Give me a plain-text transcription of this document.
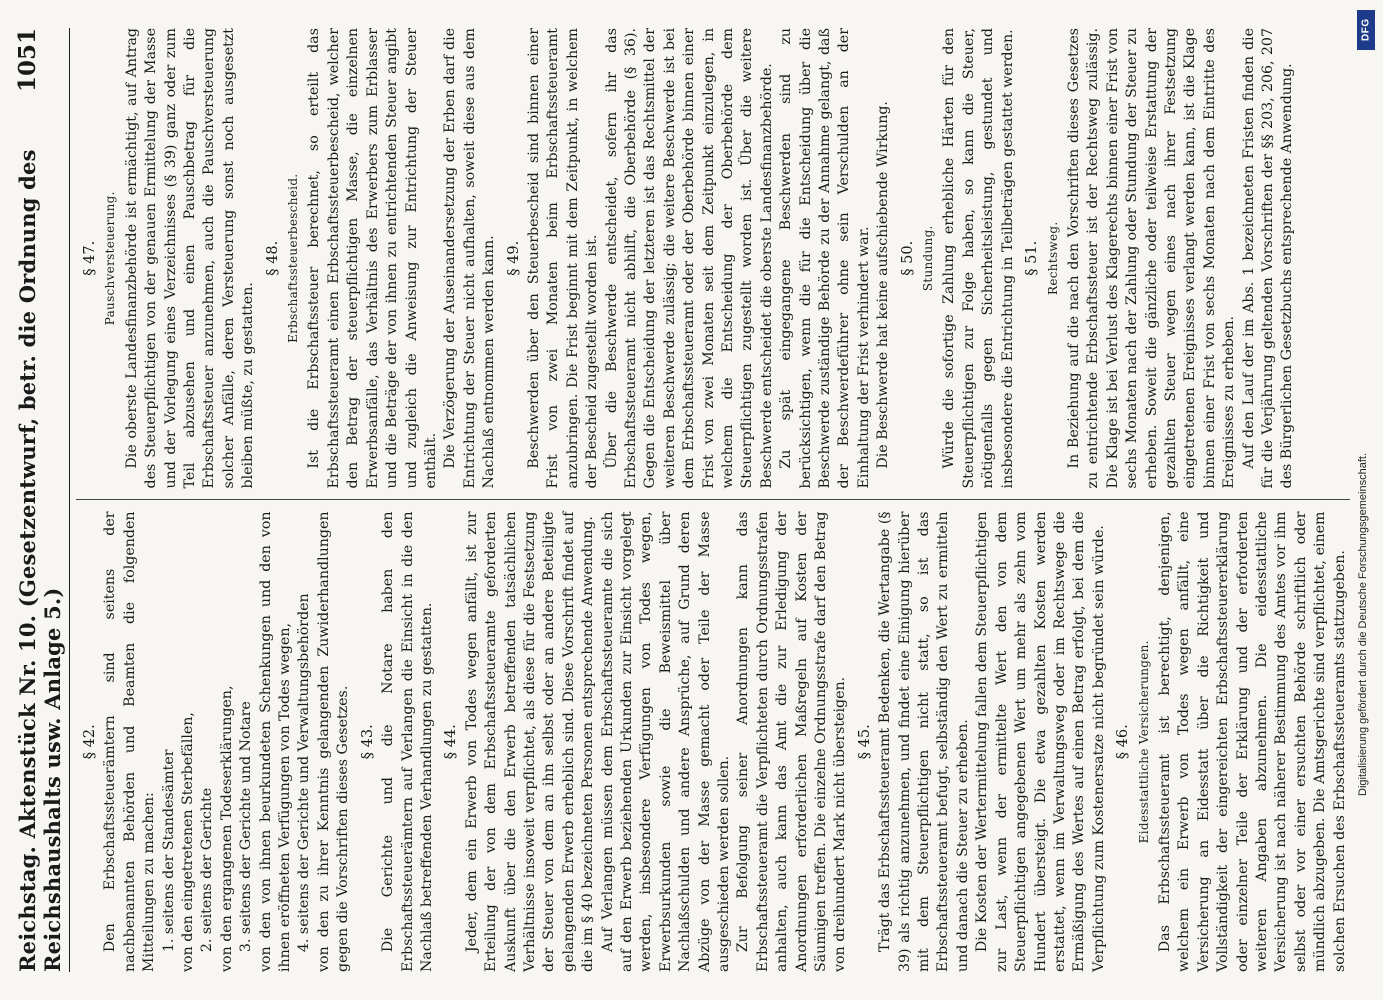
Reichstag. Aktenstück Nr. 10. (Gesetzentwurf, betr. die Ordnung des Reichshaushalts usw. Anlage 5.)
1051
§ 42. Den Erbschaftssteuerämtern sind seitens der nachbenannten Behörden und Beamten die folgenden Mitteilungen zu machen: 1. seitens der Standesämter von den eingetretenen Sterbefällen, 2. seitens der Gerichte von den ergangenen Todeserklärungen, 3. seitens der Gerichte und Notare von den von ihnen beurkundeten Schenkungen und den von ihnen eröffneten Verfügungen von Todes wegen, 4. seitens der Gerichte und Verwaltungsbehörden von den zu ihrer Kenntnis gelangenden Zuwiderhandlungen gegen die Vorschriften dieses Gesetzes. § 43. Die Gerichte und die Notare haben den Erbschaftssteuerämtern auf Verlangen die Einsicht in die den Nachlaß betreffenden Verhandlungen zu gestatten. § 44. Jeder, dem ein Erwerb von Todes wegen anfällt, ist zur Erteilung der von dem Erbschaftssteueramte geforderten Auskunft über die den Erwerb betreffenden tatsächlichen Verhältnisse insoweit verpflichtet, als diese für die Festsetzung der Steuer von dem an ihn selbst oder an andere Beteiligte gelangenden Erwerb erheblich sind. Diese Vorschrift findet auf die im § 40 bezeichneten Personen entsprechende Anwendung. Auf Verlangen müssen dem Erbschaftssteueramte die sich auf den Erwerb beziehenden Urkunden zur Einsicht vorgelegt werden, insbesondere Verfügungen von Todes wegen, Erwerbsurkunden sowie die Beweismittel über Nachlaßschulden und andere Ansprüche, auf Grund deren Abzüge von der Masse gemacht oder Teile der Masse ausgeschieden werden sollen. Zur Befolgung seiner Anordnungen kann das Erbschaftssteueramt die Verpflichteten durch Ordnungsstrafen anhalten, auch kann das Amt die zur Erledigung der Anordnungen erforderlichen Maßregeln auf Kosten der Säumigen treffen. Die einzelne Ordnungsstrafe darf den Betrag von dreihundert Mark nicht übersteigen. § 45. Trägt das Erbschaftssteueramt Bedenken, die Wertangabe (§ 39) als richtig anzunehmen, und findet eine Einigung hierüber mit dem Steuerpflichtigen nicht statt, so ist das Erbschaftssteueramt befugt, selbständig den Wert zu ermitteln und danach die Steuer zu erheben. Die Kosten der Wertermittelung fallen dem Steuerpflichtigen zur Last, wenn der ermittelte Wert den von dem Steuerpflichtigen angegebenen Wert um mehr als zehn vom Hundert übersteigt. Die etwa gezahlten Kosten werden erstattet, wenn im Verwaltungsweg oder im Rechtswege die Ermäßigung des Wertes auf einen Betrag erfolgt, bei dem die Verpflichtung zum Kostenersatze nicht begründet sein würde. § 46. Eidesstattliche Versicherungen. Das Erbschaftssteueramt ist berechtigt, denjenigen, welchem ein Erwerb von Todes wegen anfällt, eine Versicherung an Eidesstatt über die Richtigkeit und Vollständigkeit der eingereichten Erbschaftssteuererklärung oder einzelner Teile der Erklärung und der erforderten weiteren Angaben abzunehmen. Die eidesstattliche Versicherung ist nach näherer Bestimmung des Amtes vor ihm selbst oder vor einer ersuchten Behörde schriftlich oder mündlich abzugeben. Die Amtsgerichte sind verpflichtet, einem solchen Ersuchen des Erbschaftssteueramts stattzugeben.

§ 47. Pauschversteuerung. Die oberste Landesfinanzbehörde ist ermächtigt, auf Antrag des Steuerpflichtigen von der genauen Ermittelung der Masse und der Vorlegung eines Verzeichnisses (§ 39) ganz oder zum Teil abzusehen und einen Pauschbetrag für die Erbschaftssteuer anzunehmen, auch die Pauschversteuerung solcher Anfälle, deren Versteuerung sonst noch ausgesetzt bleiben müßte, zu gestatten.

§ 48. Erbschaftssteuerbescheid. Ist die Erbschaftssteuer berechnet, so erteilt das Erbschaftssteueramt einen Erbschaftssteuerbescheid, welcher den Betrag der steuerpflichtigen Masse, die einzelnen Erwerbsanfälle, das Verhältnis des Erwerbers zum Erblasser und die Beträge der von ihnen zu entrichtenden Steuer angibt und zugleich die Anweisung zur Entrichtung der Steuer enthält. Die Verzögerung der Auseinandersetzung der Erben darf die Entrichtung der Steuer nicht aufhalten, soweit diese aus dem Nachlaß entnommen werden kann. § 49. Beschwerden über den Steuerbescheid sind binnen einer Frist von zwei Monaten beim Erbschaftssteueramt anzubringen. Die Frist beginnt mit dem Zeitpunkt, in welchem der Bescheid zugestellt worden ist. Über die Beschwerde entscheidet, sofern ihr das Erbschaftssteueramt nicht abhilft, die Oberbehörde (§ 36). Gegen die Entscheidung der letzteren ist das Rechtsmittel der weiteren Beschwerde zulässig; die weitere Beschwerde ist bei dem Erbschaftssteueramt oder der Oberbehörde binnen einer Frist von zwei Monaten seit dem Zeitpunkt einzulegen, in welchem die Entscheidung der Oberbehörde dem Steuerpflichtigen zugestellt worden ist. Über die weitere Beschwerde entscheidet die oberste Landesfinanzbehörde. Zu spät eingegangene Beschwerden sind zu berücksichtigen, wenn die für die Entscheidung über die Beschwerde zuständige Behörde zu der Annahme gelangt, daß der Beschwerdeführer ohne sein Verschulden an der Einhaltung der Frist verhindert war. Die Beschwerde hat keine aufschiebende Wirkung. § 50. Stundung. Würde die sofortige Zahlung erhebliche Härten für den Steuerpflichtigen zur Folge haben, so kann die Steuer, nötigenfalls gegen Sicherheitsleistung, gestundet und insbesondere die Entrichtung in Teilbeträgen gestattet werden. § 51. Rechtsweg. In Beziehung auf die nach den Vorschriften dieses Gesetzes zu entrichtende Erbschaftssteuer ist der Rechtsweg zulässig. Die Klage ist bei Verlust des Klagerechts binnen einer Frist von sechs Monaten nach der Zahlung oder Stundung der Steuer zu erheben. Soweit die gänzliche oder teilweise Erstattung der gezahlten Steuer wegen eines nach ihrer Festsetzung eingetretenen Ereignisses verlangt werden kann, ist die Klage binnen einer Frist von sechs Monaten nach dem Eintritte des Ereignisses zu erheben. Auf den Lauf der im Abs. 1 bezeichneten Fristen finden die für die Verjährung geltenden Vorschriften der §§ 203, 206, 207 des Bürgerlichen Gesetzbuchs entsprechende Anwendung.

DFG
Digitalisierung gefördert durch die Deutsche Forschungsgemeinschaft.
